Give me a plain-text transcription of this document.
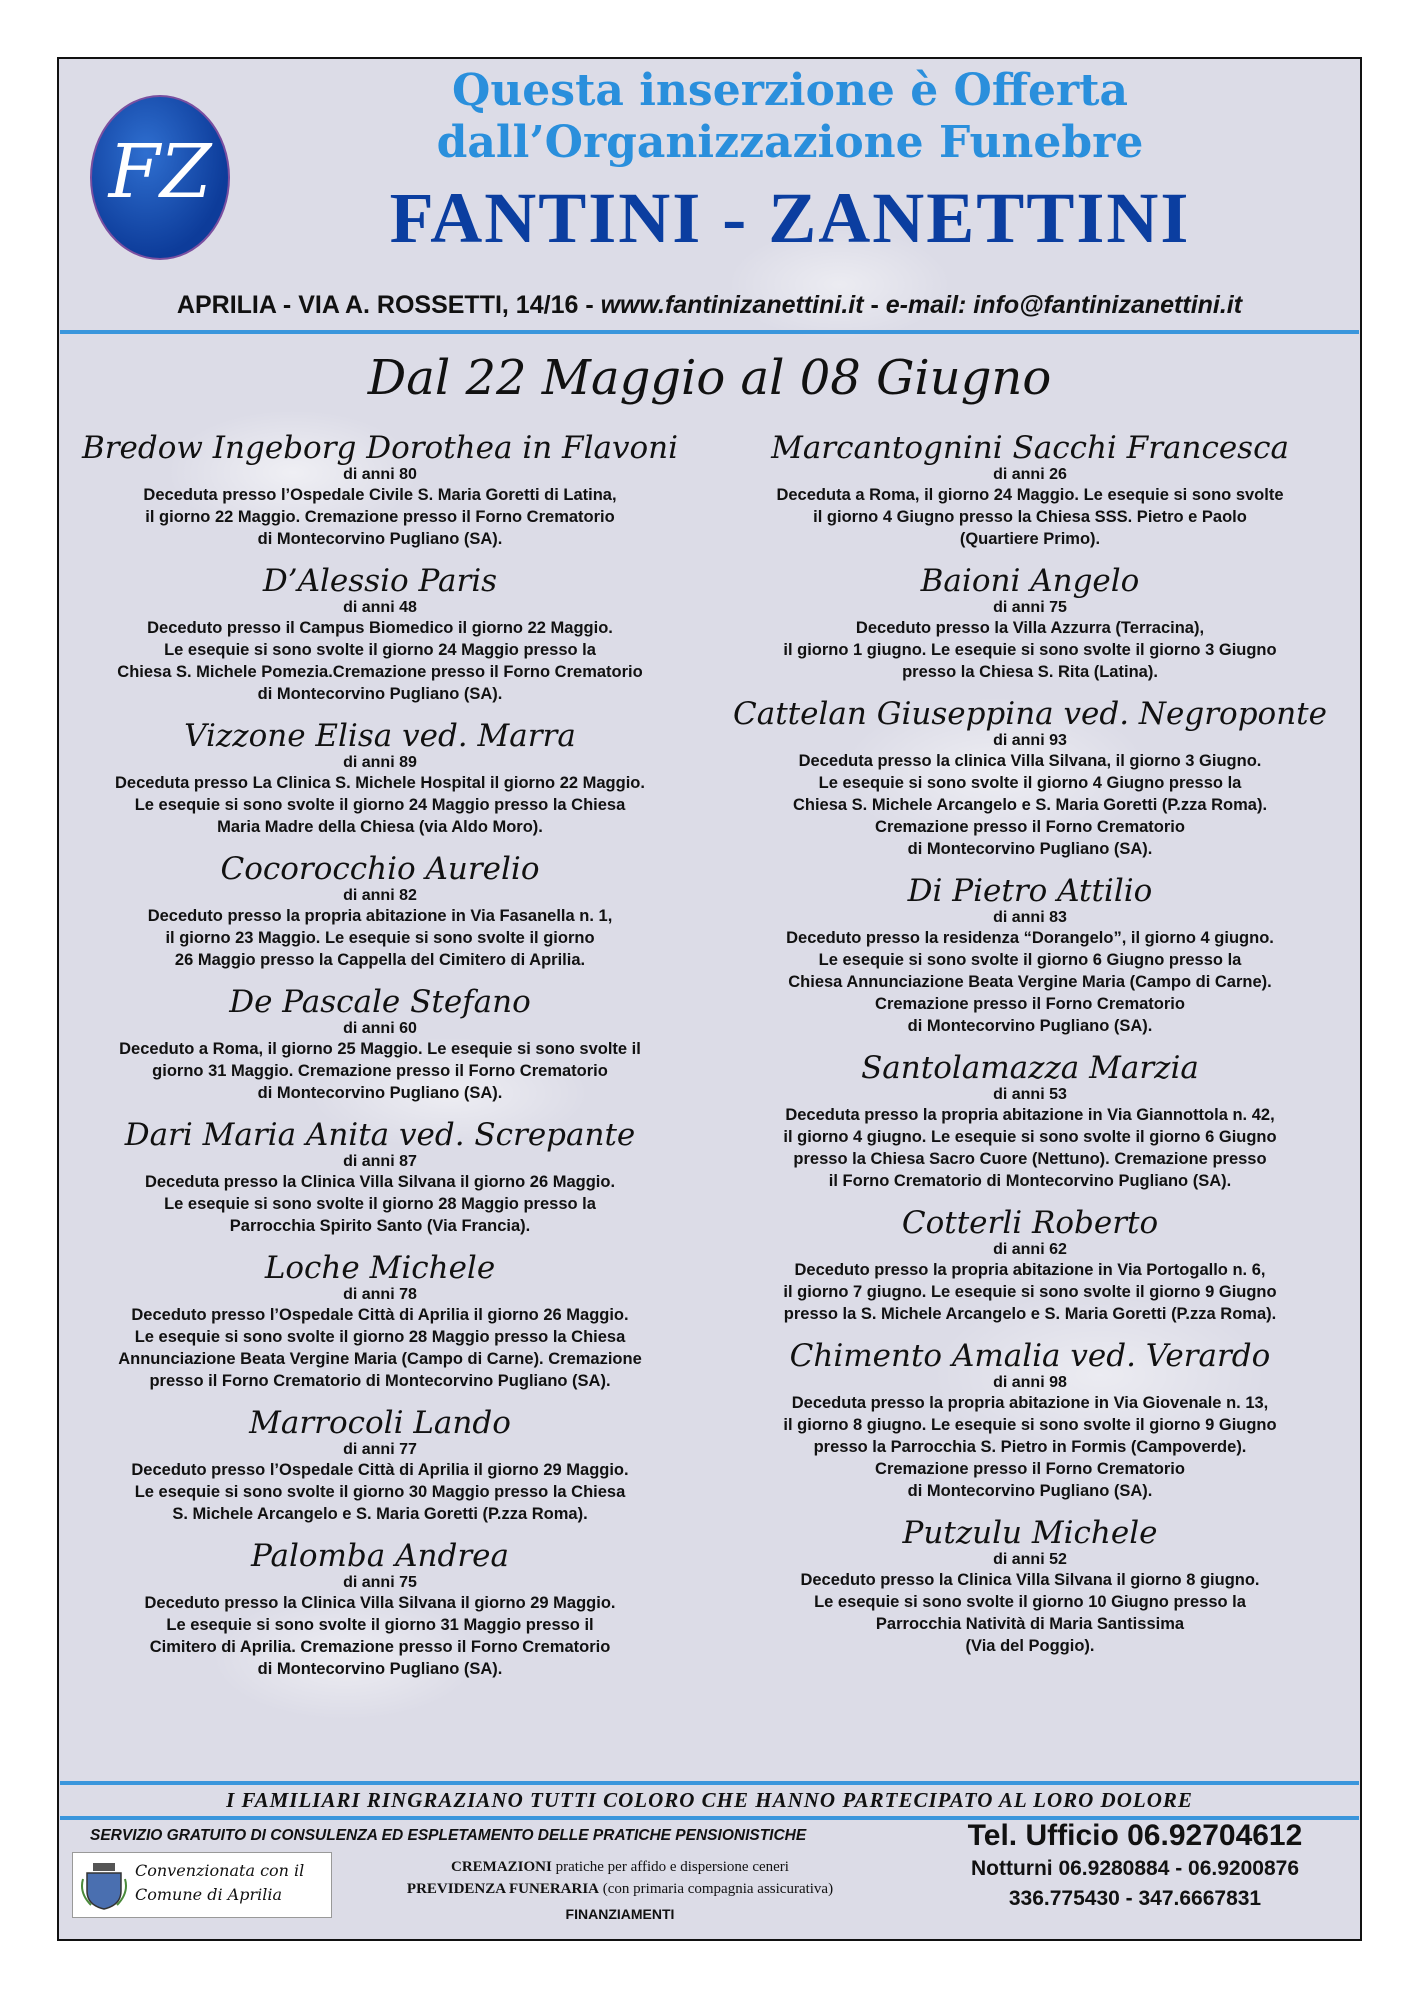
FZ
Questa inserzione è Offerta
dall’Organizzazione Funebre
FANTINI - ZANETTINI
APRILIA - VIA A. ROSSETTI, 14/16 - www.fantinizanettini.it - e-mail: info@fantinizanettini.it
Dal 22 Maggio al 08 Giugno
Bredow Ingeborg Dorothea in Flavoni
di anni 80
Deceduta presso l’Ospedale Civile S. Maria Goretti di Latina,
il giorno 22 Maggio. Cremazione presso il Forno Crematorio
di Montecorvino Pugliano (SA).
D’Alessio Paris
di anni 48
Deceduto presso il Campus Biomedico il giorno 22 Maggio.
Le esequie si sono svolte il giorno 24 Maggio presso la
Chiesa S. Michele Pomezia.Cremazione presso il Forno Crematorio
di Montecorvino Pugliano (SA).
Vizzone Elisa ved. Marra
di anni 89
Deceduta presso La Clinica S. Michele Hospital il giorno 22 Maggio.
Le esequie si sono svolte il giorno 24 Maggio presso la Chiesa
Maria Madre della Chiesa (via Aldo Moro).
Cocorocchio Aurelio
di anni 82
Deceduto presso la propria abitazione in Via Fasanella n. 1,
il giorno 23 Maggio. Le esequie si sono svolte il giorno
26 Maggio presso la Cappella del Cimitero di Aprilia.
De Pascale Stefano
di anni 60
Deceduto a Roma, il giorno 25 Maggio. Le esequie si sono svolte il
giorno 31 Maggio. Cremazione presso il Forno Crematorio
di Montecorvino Pugliano (SA).
Dari Maria Anita ved. Screpante
di anni 87
Deceduta presso la Clinica Villa Silvana il giorno 26 Maggio.
Le esequie si sono svolte il giorno 28 Maggio presso la
Parrocchia Spirito Santo (Via Francia).
Loche Michele
di anni 78
Deceduto presso l’Ospedale Città di Aprilia il giorno 26 Maggio.
Le esequie si sono svolte il giorno 28 Maggio presso la Chiesa
Annunciazione Beata Vergine Maria (Campo di Carne). Cremazione
presso il Forno Crematorio di Montecorvino Pugliano (SA).
Marrocoli Lando
di anni 77
Deceduto presso l’Ospedale Città di Aprilia il giorno 29 Maggio.
Le esequie si sono svolte il giorno 30 Maggio presso la Chiesa
S. Michele Arcangelo e S. Maria Goretti (P.zza Roma).
Palomba Andrea
di anni 75
Deceduto presso la Clinica Villa Silvana il giorno 29 Maggio.
Le esequie si sono svolte il giorno 31 Maggio presso il
Cimitero di Aprilia. Cremazione presso il Forno Crematorio
di Montecorvino Pugliano (SA).
Marcantognini Sacchi Francesca
di anni 26
Deceduta a Roma, il giorno 24 Maggio. Le esequie si sono svolte
il giorno 4 Giugno presso la Chiesa SSS. Pietro e Paolo
(Quartiere Primo).
Baioni Angelo
di anni 75
Deceduto presso la Villa Azzurra (Terracina),
il giorno 1 giugno. Le esequie si sono svolte il giorno 3 Giugno
presso la Chiesa S. Rita (Latina).
Cattelan Giuseppina ved. Negroponte
di anni 93
Deceduta presso la clinica Villa Silvana, il giorno 3 Giugno.
Le esequie si sono svolte il giorno 4 Giugno presso la
Chiesa S. Michele Arcangelo e S. Maria Goretti (P.zza Roma).
Cremazione presso il Forno Crematorio
di Montecorvino Pugliano (SA).
Di Pietro Attilio
di anni 83
Deceduto presso la residenza “Dorangelo”, il giorno 4 giugno.
Le esequie si sono svolte il giorno 6 Giugno presso la
Chiesa Annunciazione Beata Vergine Maria (Campo di Carne).
Cremazione presso il Forno Crematorio
di Montecorvino Pugliano (SA).
Santolamazza Marzia
di anni 53
Deceduta presso la propria abitazione in Via Giannottola n. 42,
il giorno 4 giugno. Le esequie si sono svolte il giorno 6 Giugno
presso la Chiesa Sacro Cuore (Nettuno). Cremazione presso
il Forno Crematorio di Montecorvino Pugliano (SA).
Cotterli Roberto
di anni 62
Deceduto presso la propria abitazione in Via Portogallo n. 6,
il giorno 7 giugno. Le esequie si sono svolte il giorno 9 Giugno
presso la S. Michele Arcangelo e S. Maria Goretti (P.zza Roma).
Chimento Amalia ved. Verardo
di anni 98
Deceduta presso la propria abitazione in Via Giovenale n. 13,
il giorno 8 giugno. Le esequie si sono svolte il giorno 9 Giugno
presso la Parrocchia S. Pietro in Formis (Campoverde).
Cremazione presso il Forno Crematorio
di Montecorvino Pugliano (SA).
Putzulu Michele
di anni 52
Deceduto presso la Clinica Villa Silvana il giorno 8 giugno.
Le esequie si sono svolte il giorno 10 Giugno presso la
Parrocchia Natività di Maria Santissima
(Via del Poggio).
I FAMILIARI RINGRAZIANO TUTTI COLORO CHE HANNO PARTECIPATO AL LORO DOLORE
SERVIZIO GRATUITO DI CONSULENZA ED ESPLETAMENTO DELLE PRATICHE PENSIONISTICHE
Convenzionata con il
Comune di Aprilia
CREMAZIONI pratiche per affido e dispersione ceneri
PREVIDENZA FUNERARIA (con primaria compagnia assicurativa)
FINANZIAMENTI
Tel. Ufficio 06.92704612
Notturni 06.9280884 - 06.9200876
336.775430 - 347.6667831
